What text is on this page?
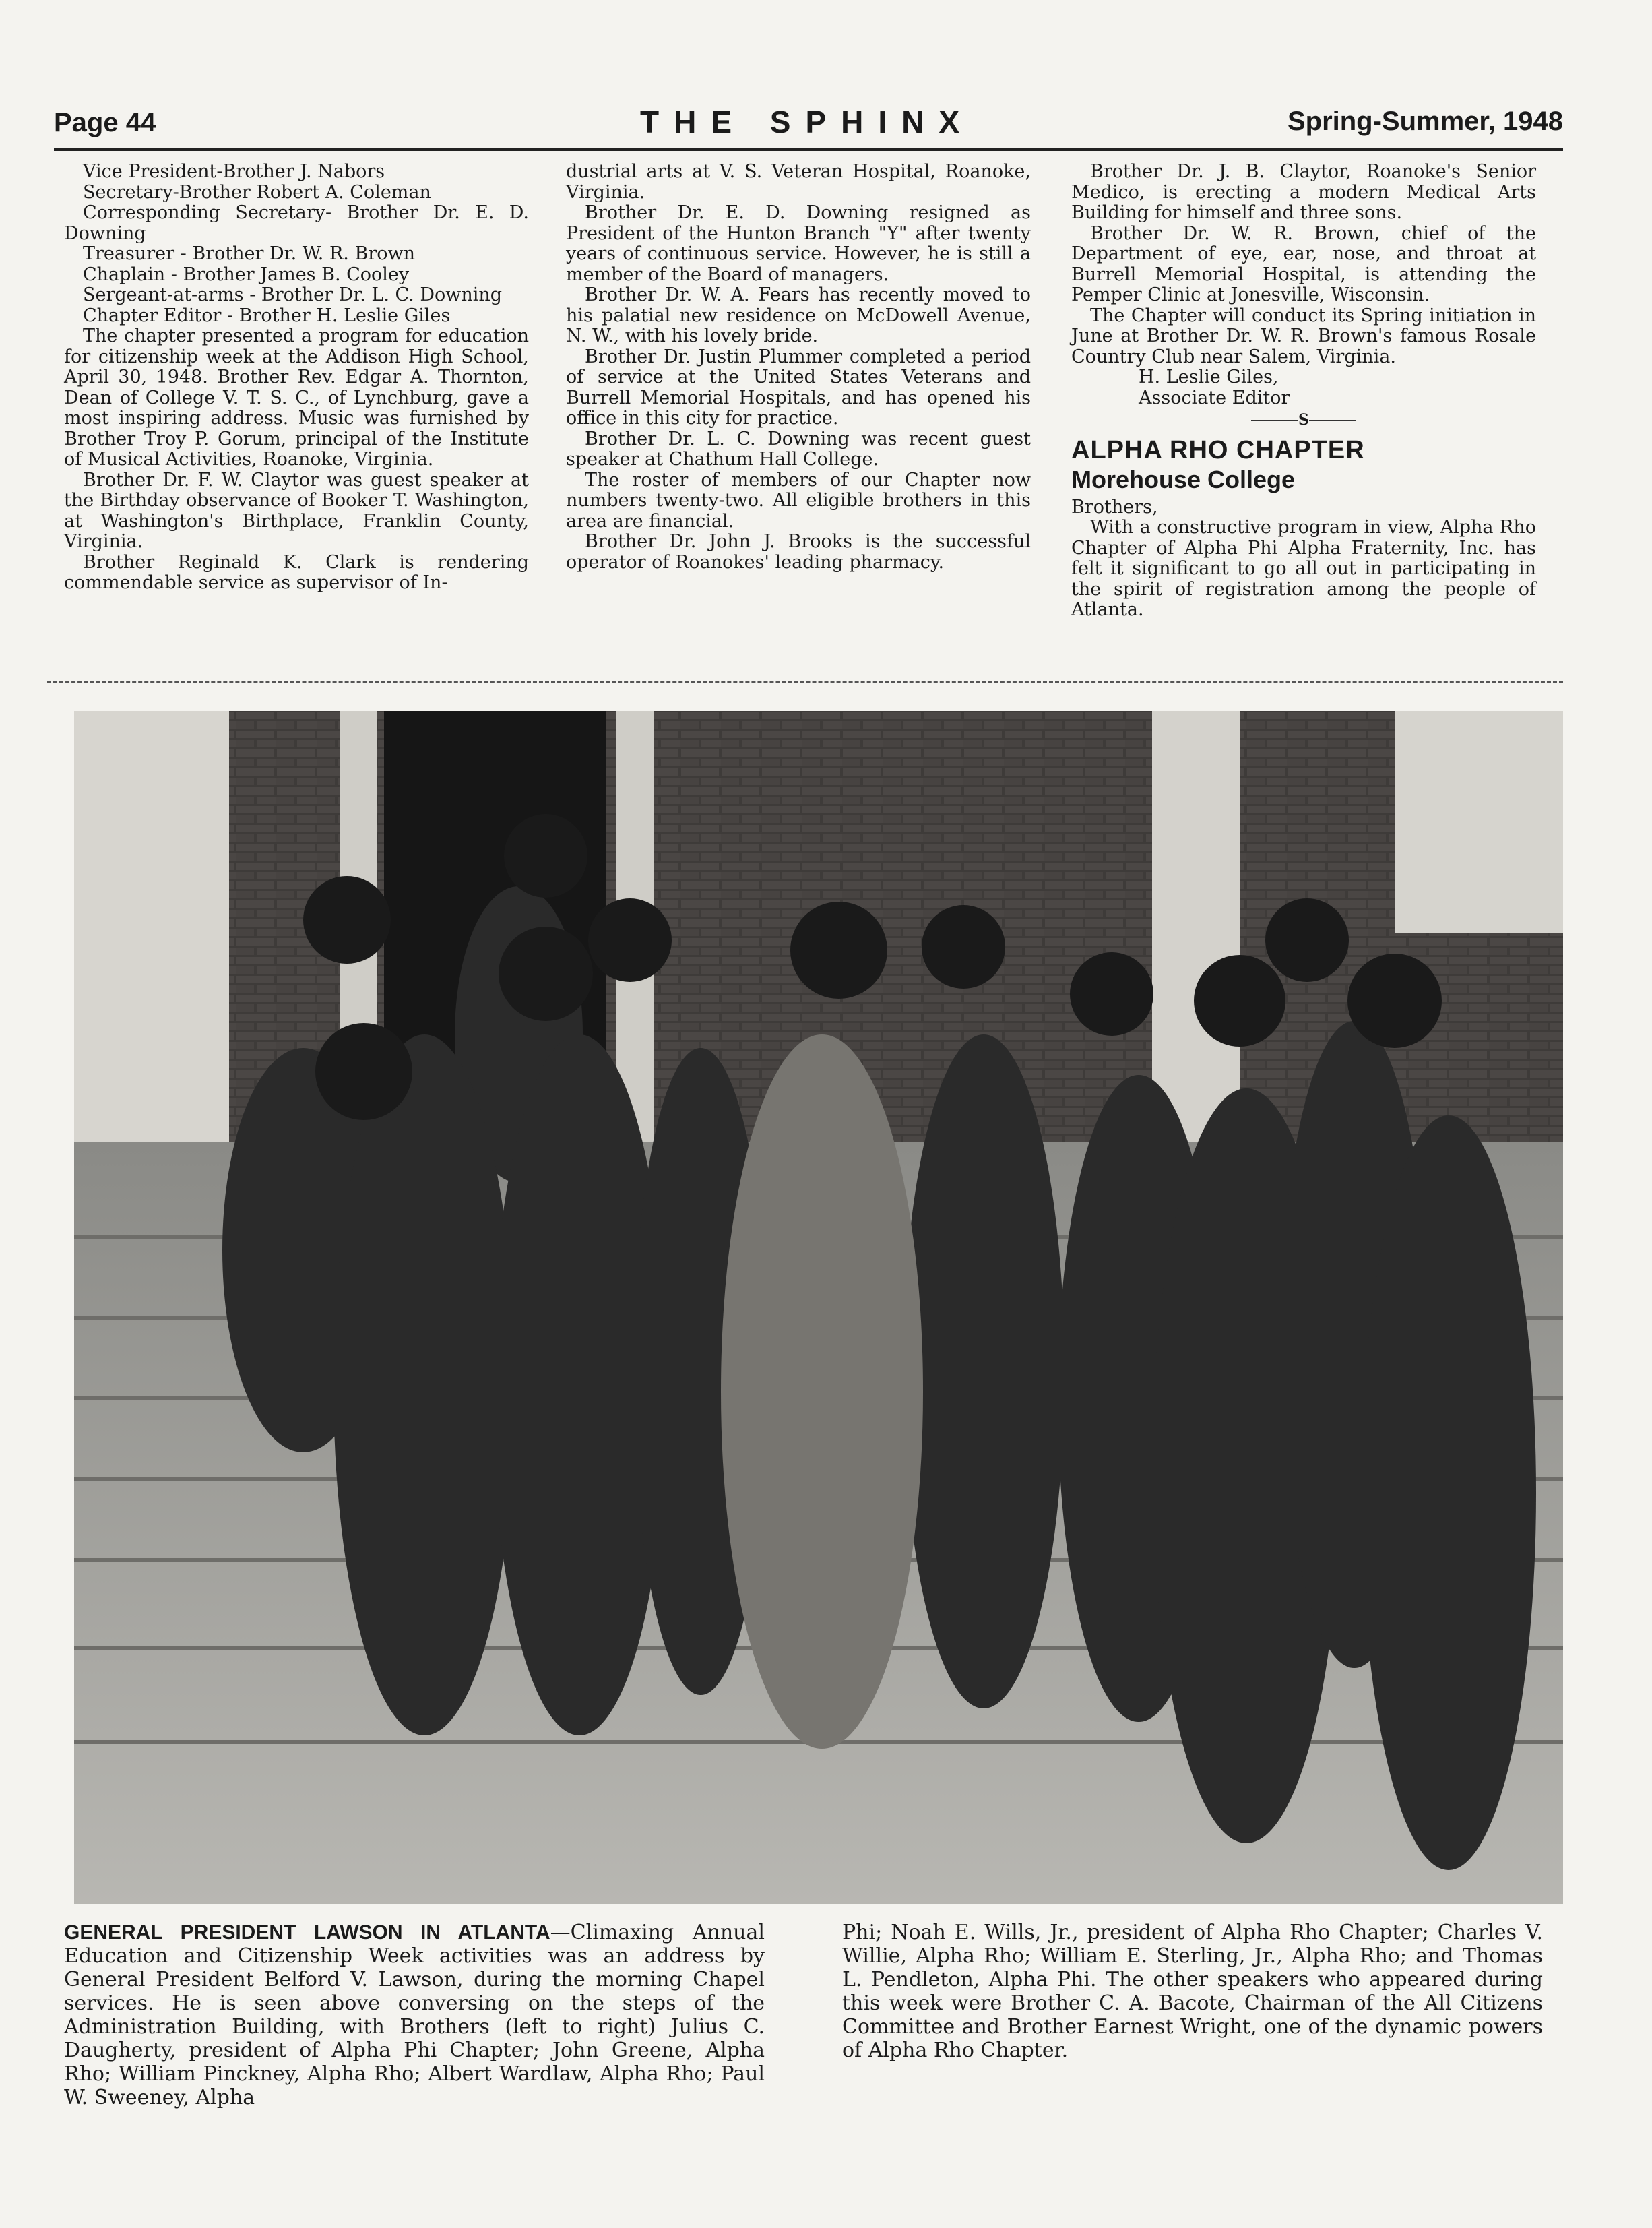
Page 44	THE SPHINX	Spring-Summer, 1948

Vice President-Brother J. Nabors

Secretary-Brother Robert A. Coleman

Corresponding Secretary- Brother Dr. E. D. Downing

Treasurer - Brother Dr. W. R. Brown

Chaplain - Brother James B. Cooley

Sergeant-at-arms - Brother Dr. L. C. Downing

Chapter Editor - Brother H. Leslie Giles

The chapter presented a program for education for citizenship week at the Addison High School, April 30, 1948. Brother Rev. Edgar A. Thornton, Dean of College V. T. S. C., of Lynchburg, gave a most inspiring address. Music was furnished by Brother Troy P. Gorum, principal of the Institute of Musical Activities, Roanoke, Virginia.

Brother Dr. F. W. Claytor was guest speaker at the Birthday observance of Booker T. Washington, at Washington's Birthplace, Franklin County, Virginia.

Brother Reginald K. Clark is rendering commendable service as supervisor of In-

dustrial arts at V. S. Veteran Hospital, Roanoke, Virginia.

Brother Dr. E. D. Downing resigned as President of the Hunton Branch "Y" after twenty years of continuous service. However, he is still a member of the Board of managers.

Brother Dr. W. A. Fears has recently moved to his palatial new residence on McDowell Avenue, N. W., with his lovely bride.

Brother Dr. Justin Plummer completed a period of service at the United States Veterans and Burrell Memorial Hospitals, and has opened his office in this city for practice.

Brother Dr. L. C. Downing was recent guest speaker at Chathum Hall College.

The roster of members of our Chapter now numbers twenty-two. All eligible brothers in this area are financial.

Brother Dr. John J. Brooks is the successful operator of Roanokes' leading pharmacy.

Brother Dr. J. B. Claytor, Roanoke's Senior Medico, is erecting a modern Medical Arts Building for himself and three sons.

Brother Dr. W. R. Brown, chief of the Department of eye, ear, nose, and throat at Burrell Memorial Hospital, is attending the Pemper Clinic at Jonesville, Wisconsin.

The Chapter will conduct its Spring initiation in June at Brother Dr. W. R. Brown's famous Rosale Country Club near Salem, Virginia.

H. Leslie Giles,

Associate Editor

S
ALPHA RHO CHAPTER
Morehouse College

Brothers,

With a constructive program in view, Alpha Rho Chapter of Alpha Phi Alpha Fraternity, Inc. has felt it significant to go all out in participating in the spirit of registration among the people of Atlanta.

GENERAL PRESIDENT LAWSON IN ATLANTA—Climaxing Annual Education and Citizenship Week activities was an address by General President Belford V. Lawson, during the morning Chapel services. He is seen above conversing on the steps of the Administration Building, with Brothers (left to right) Julius C. Daugherty, president of Alpha Phi Chapter; John Greene, Alpha Rho; William Pinckney, Alpha Rho; Albert Wardlaw, Alpha Rho; Paul W. Sweeney, Alpha
Phi; Noah E. Wills, Jr., president of Alpha Rho Chapter; Charles V. Willie, Alpha Rho; William E. Sterling, Jr., Alpha Rho; and Thomas L. Pendleton, Alpha Phi. The other speakers who appeared during this week were Brother C. A. Bacote, Chairman of the All Citizens Committee and Brother Earnest Wright, one of the dynamic powers of Alpha Rho Chapter.
